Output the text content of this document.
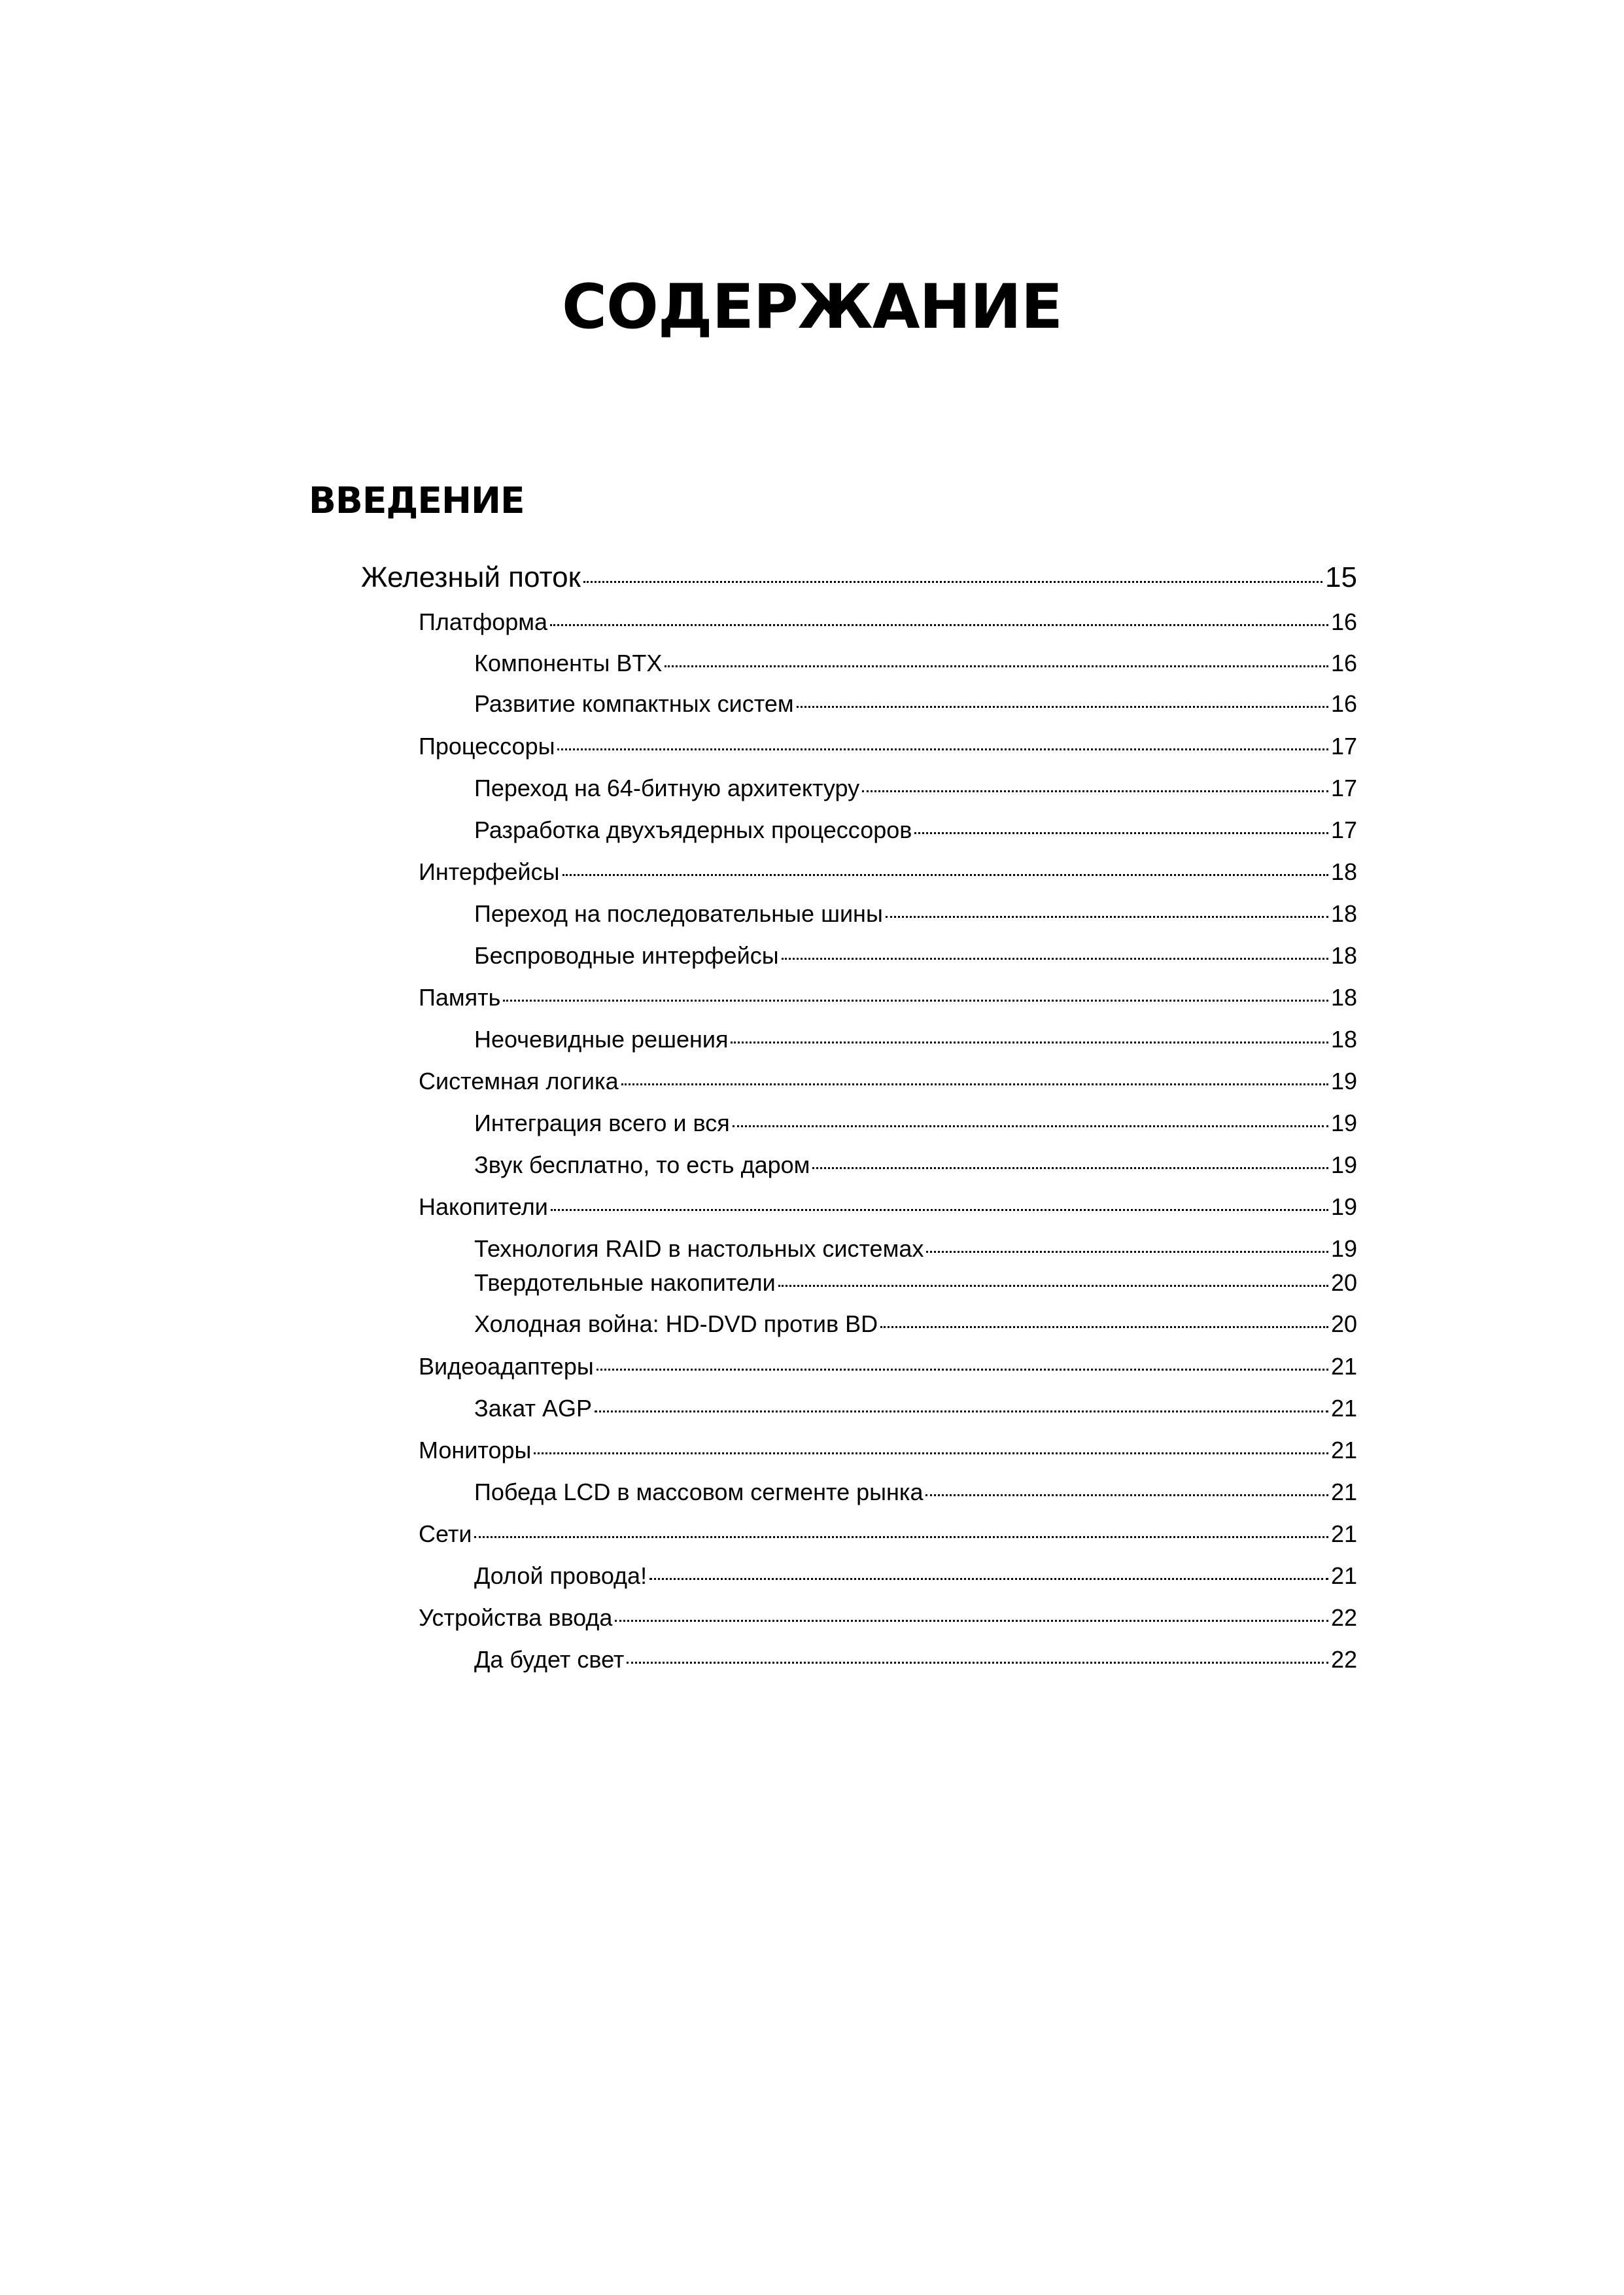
СОДЕРЖАНИЕ
ВВЕДЕНИЕ
Железный поток	15
Платформа	16
Компоненты BTX	16
Развитие компактных систем	16
Процессоры	17
Переход на 64-битную архитектуру	17
Разработка двухъядерных процессоров	17
Интерфейсы	18
Переход на последовательные шины	18
Беспроводные интерфейсы	18
Память	18
Неочевидные решения	18
Системная логика	19
Интеграция всего и вся	19
Звук бесплатно, то есть даром	19
Накопители	19
Технология RAID в настольных системах	19
Твердотельные накопители	20
Холодная война: HD-DVD против BD	20
Видеоадаптеры	21
Закат AGP	21
Мониторы	21
Победа LCD в массовом сегменте рынка	21
Сети	21
Долой провода!	21
Устройства ввода	22
Да будет свет	22
